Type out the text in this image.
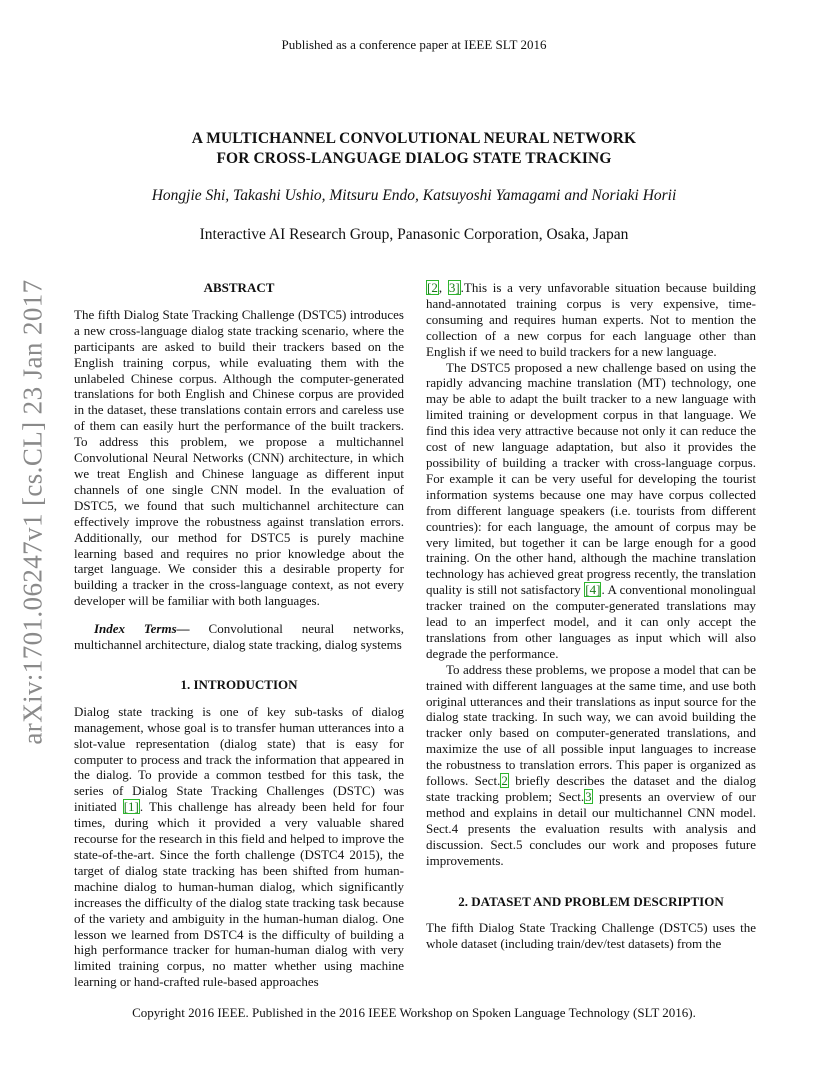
Published as a conference paper at IEEE SLT 2016
A MULTICHANNEL CONVOLUTIONAL NEURAL NETWORK
FOR CROSS-LANGUAGE DIALOG STATE TRACKING
Hongjie Shi, Takashi Ushio, Mitsuru Endo, Katsuyoshi Yamagami and Noriaki Horii
Interactive AI Research Group, Panasonic Corporation, Osaka, Japan
arXiv:1701.06247v1 [cs.CL] 23 Jan 2017	ABSTRACT

The fifth Dialog State Tracking Challenge (DSTC5) introduces a new cross-language dialog state tracking scenario, where the participants are asked to build their trackers based on the English training corpus, while evaluating them with the unlabeled Chinese corpus. Although the computer-generated translations for both English and Chinese corpus are provided in the dataset, these translations contain errors and careless use of them can easily hurt the performance of the built trackers. To address this problem, we propose a multichannel Convolutional Neural Networks (CNN) architecture, in which we treat English and Chinese language as different input channels of one single CNN model. In the evaluation of DSTC5, we found that such multichannel architecture can effectively improve the robustness against translation errors. Additionally, our method for DSTC5 is purely machine learning based and requires no prior knowledge about the target language. We consider this a desirable property for building a tracker in the cross-language context, as not every developer will be familiar with both languages.

Index Terms— Convolutional neural networks, multichannel architecture, dialog state tracking, dialog systems

1. INTRODUCTION

Dialog state tracking is one of key sub-tasks of dialog management, whose goal is to transfer human utterances into a slot-value representation (dialog state) that is easy for computer to process and track the information that appeared in the dialog. To provide a common testbed for this task, the series of Dialog State Tracking Challenges (DSTC) was initiated [1]. This challenge has already been held for four times, during which it provided a very valuable shared recourse for the research in this field and helped to improve the state-of-the-art. Since the forth challenge (DSTC4 2015), the target of dialog state tracking has been shifted from human-machine dialog to human-human dialog, which significantly increases the difficulty of the dialog state tracking task because of the variety and ambiguity in the human-human dialog. One lesson we learned from DSTC4 is the difficulty of building a high performance tracker for human-human dialog with very limited training corpus, no matter whether using machine learning or hand-crafted rule-based approaches

[2, 3].This is a very unfavorable situation because building hand-annotated training corpus is very expensive, time-consuming and requires human experts. Not to mention the collection of a new corpus for each language other than English if we need to build trackers for a new language.

The DSTC5 proposed a new challenge based on using the rapidly advancing machine translation (MT) technology, one may be able to adapt the built tracker to a new language with limited training or development corpus in that language. We find this idea very attractive because not only it can reduce the cost of new language adaptation, but also it provides the possibility of building a tracker with cross-language corpus. For example it can be very useful for developing the tourist information systems because one may have corpus collected from different language speakers (i.e. tourists from different countries): for each language, the amount of corpus may be very limited, but together it can be large enough for a good training. On the other hand, although the machine translation technology has achieved great progress recently, the translation quality is still not satisfactory [4]. A conventional monolingual tracker trained on the computer-generated translations may lead to an imperfect model, and it can only accept the translations from other languages as input which will also degrade the performance.

To address these problems, we propose a model that can be trained with different languages at the same time, and use both original utterances and their translations as input source for the dialog state tracking. In such way, we can avoid building the tracker only based on computer-generated translations, and maximize the use of all possible input languages to increase the robustness to translation errors. This paper is organized as follows. Sect.2 briefly describes the dataset and the dialog state tracking problem; Sect.3 presents an overview of our method and explains in detail our multichannel CNN model. Sect.4 presents the evaluation results with analysis and discussion. Sect.5 concludes our work and proposes future improvements.

2. DATASET AND PROBLEM DESCRIPTION

The fifth Dialog State Tracking Challenge (DSTC5) uses the whole dataset (including train/dev/test datasets) from the

Copyright 2016 IEEE. Published in the 2016 IEEE Workshop on Spoken Language Technology (SLT 2016).
